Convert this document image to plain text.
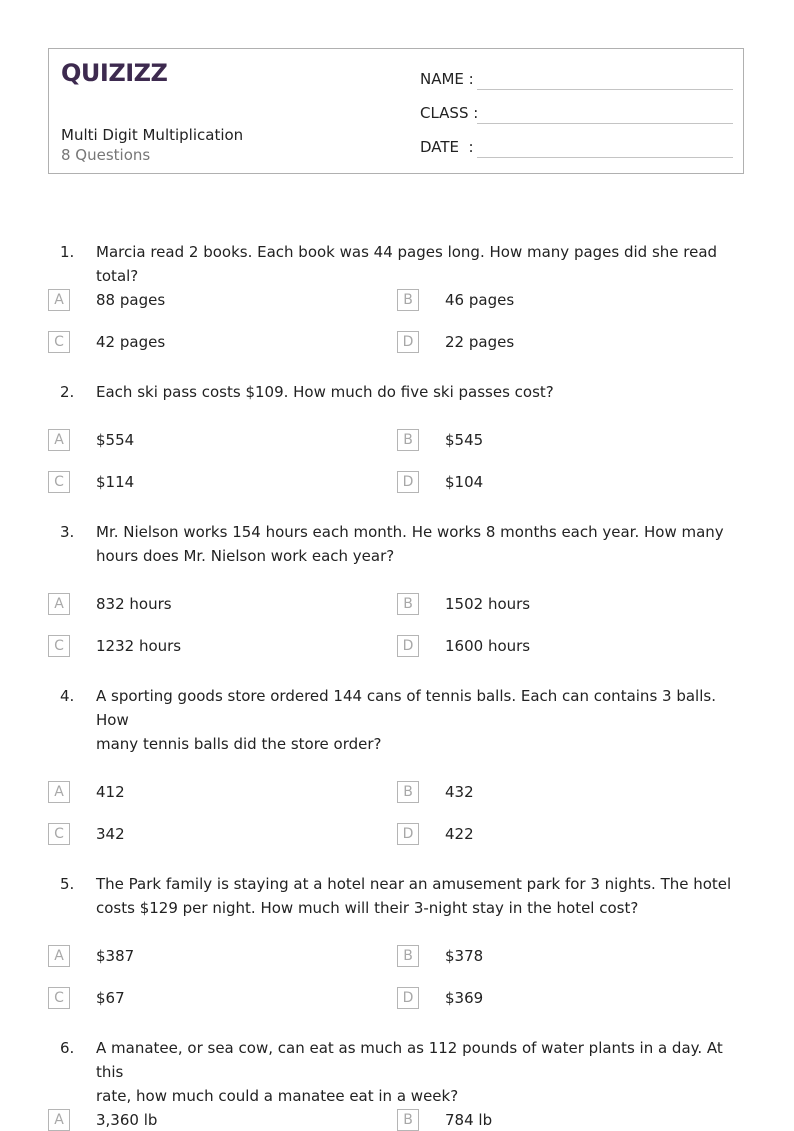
QUIZIZZ
Multi Digit Multiplication
8 Questions
NAME :
CLASS :
DATE  :
1. Marcia read 2 books. Each book was 44 pages long. How many pages did she read total?
A	88 pages	B	46 pages
C	42 pages	D	22 pages
2. Each ski pass costs $109. How much do five ski passes cost?
A	$554	B	$545
C	$114	D	$104
3. Mr. Nielson works 154 hours each month. He works 8 months each year. How many
hours does Mr. Nielson work each year?
A	832 hours	B	1502 hours
C	1232 hours	D	1600 hours
4. A sporting goods store ordered 144 cans of tennis balls. Each can contains 3 balls. How
many tennis balls did the store order?
A	412	B	432
C	342	D	422
5. The Park family is staying at a hotel near an amusement park for 3 nights. The hotel
costs $129 per night. How much will their 3-night stay in the hotel cost?
A	$387	B	$378
C	$67	D	$369
6. A manatee, or sea cow, can eat as much as 112 pounds of water plants in a day. At this
rate, how much could a manatee eat in a week?
A	3,360 lb	B	784 lb
